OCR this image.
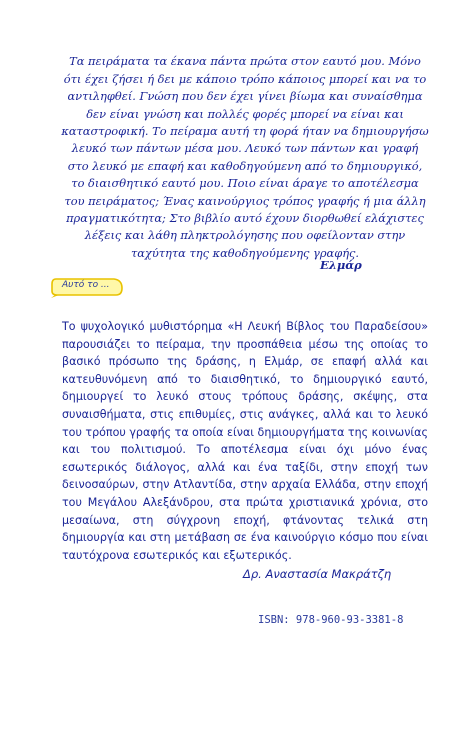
Τα πειράματα τα έκανα πάντα πρώτα στον εαυτό μου. Μόνο ότι έχει ζήσει ή δει με κάποιο τρόπο κάποιος μπορεί και να το αντιληφθεί. Γνώση που δεν έχει γίνει βίωμα και συναίσθημα δεν είναι γνώση και πολλές φορές μπορεί να είναι και καταστροφική. Το πείραμα αυτή τη φορά ήταν να δημιουργήσω λευκό των πάντων μέσα μου. Λευκό των πάντων και γραφή στο λευκό με επαφή και καθοδηγούμενη από το δημιουργικό, το διαισθητικό εαυτό μου. Ποιο είναι άραγε το αποτέλεσμα του πειράματος; Ένας καινούργιος τρόπος γραφής ή μια άλλη πραγματικότητα; Στο βιβλίο αυτό έχουν διορθωθεί ελάχιστες λέξεις και λάθη πληκτρολόγησης που οφείλονταν στην ταχύτητα της καθοδηγούμενης γραφής.

Ελμάρ
Αυτό το ...

Το ψυχολογικό μυθιστόρημα «Η Λευκή Βίβλος του Παραδείσου» παρουσιάζει το πείραμα, την προσπάθεια μέσω της οποίας το βασικό πρόσωπο της δράσης, η Ελμάρ, σε επαφή αλλά και κατευθυνόμενη από το διαισθητικό, το δημιουργικό εαυτό, δημιουργεί το λευκό στους τρόπους δράσης, σκέψης, στα συναισθήματα, στις επιθυμίες, στις ανάγκες, αλλά και το λευκό του τρόπου γραφής τα οποία είναι δημιουργήματα της κοινωνίας και του πολιτισμού. Το αποτέλεσμα είναι όχι μόνο ένας εσωτερικός διάλογος, αλλά και ένα ταξίδι, στην εποχή των δεινοσαύρων, στην Ατλαντίδα, στην αρχαία Ελλάδα, στην εποχή του Μεγάλου Αλεξάνδρου, στα πρώτα χριστιανικά χρόνια, στο μεσαίωνα, στη σύγχρονη εποχή, φτάνοντας τελικά στη δημιουργία και στη μετάβαση σε ένα καινούργιο κόσμο που είναι ταυτόχρονα εσωτερικός και εξωτερικός.

Δρ. Αναστασία Μακράτζη
ISBN: 978-960-93-3381-8
